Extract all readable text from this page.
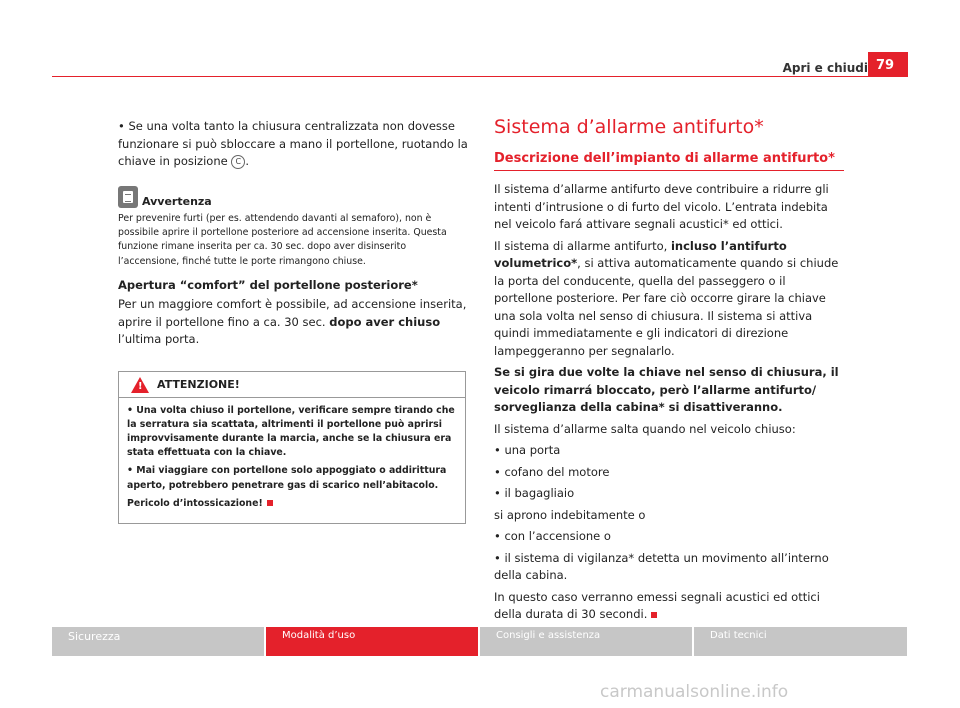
Apri e chiudi 79

• Se una volta tanto la chiusura centralizzata non dovesse funzionare si può sbloccare a mano il portellone, ruotando la chiave in posizione C .

Avvertenza

Per prevenire furti (per es. attendendo davanti al semaforo), non è possibile aprire il portellone posteriore ad accensione inserita. Questa funzione rimane inserita per ca. 30 sec. dopo aver disinserito l’accensione, finché tutte le porte rimangono chiuse.

Apertura “comfort” del portellone posteriore*

Per un maggiore comfort è possibile, ad accensione inserita, aprire il portellone fino a ca. 30 sec. dopo aver chiuso l’ultima porta.

! ATTENZIONE!

• Una volta chiuso il portellone, verificare sempre tirando che la serratura sia scattata, altrimenti il portellone può aprirsi improvvisamente durante la marcia, anche se la chiusura era stata effettuata con la chiave.

• Mai viaggiare con portellone solo appoggiato o addirittura aperto, potrebbero penetrare gas di scarico nell’abitacolo.

Pericolo d’intossicazione!

Sistema d’allarme antifurto*
Descrizione dell’impianto di allarme antifurto*

Il sistema d’allarme antifurto deve contribuire a ridurre gli intenti d’intrusione o di furto del vicolo. L’entrata indebita nel veicolo fará attivare segnali acustici* ed ottici.

Il sistema di allarme antifurto, incluso l’antifurto volumetrico*, si attiva automaticamente quando si chiude la porta del conducente, quella del passeggero o il portellone posteriore. Per fare ciò occorre girare la chiave una sola volta nel senso di chiusura. Il sistema si attiva quindi immediatamente e gli indicatori di direzione lampeggeranno per segnalarlo.

Se si gira due volte la chiave nel senso di chiusura, il veicolo rimarrá bloccato, però l’allarme antifurto/ sorveglianza della cabina* si disattiveranno.

Il sistema d’allarme salta quando nel veicolo chiuso:

• una porta

• cofano del motore

• il bagagliaio

si aprono indebitamente o

• con l’accensione o

• il sistema di vigilanza* detetta un movimento all’interno della cabina.

In questo caso verranno emessi segnali acustici ed ottici della durata di 30 secondi.

Sicurezza	Modalità d’uso	Consigli e assistenza	Dati tecnici
carmanualsonline.info
